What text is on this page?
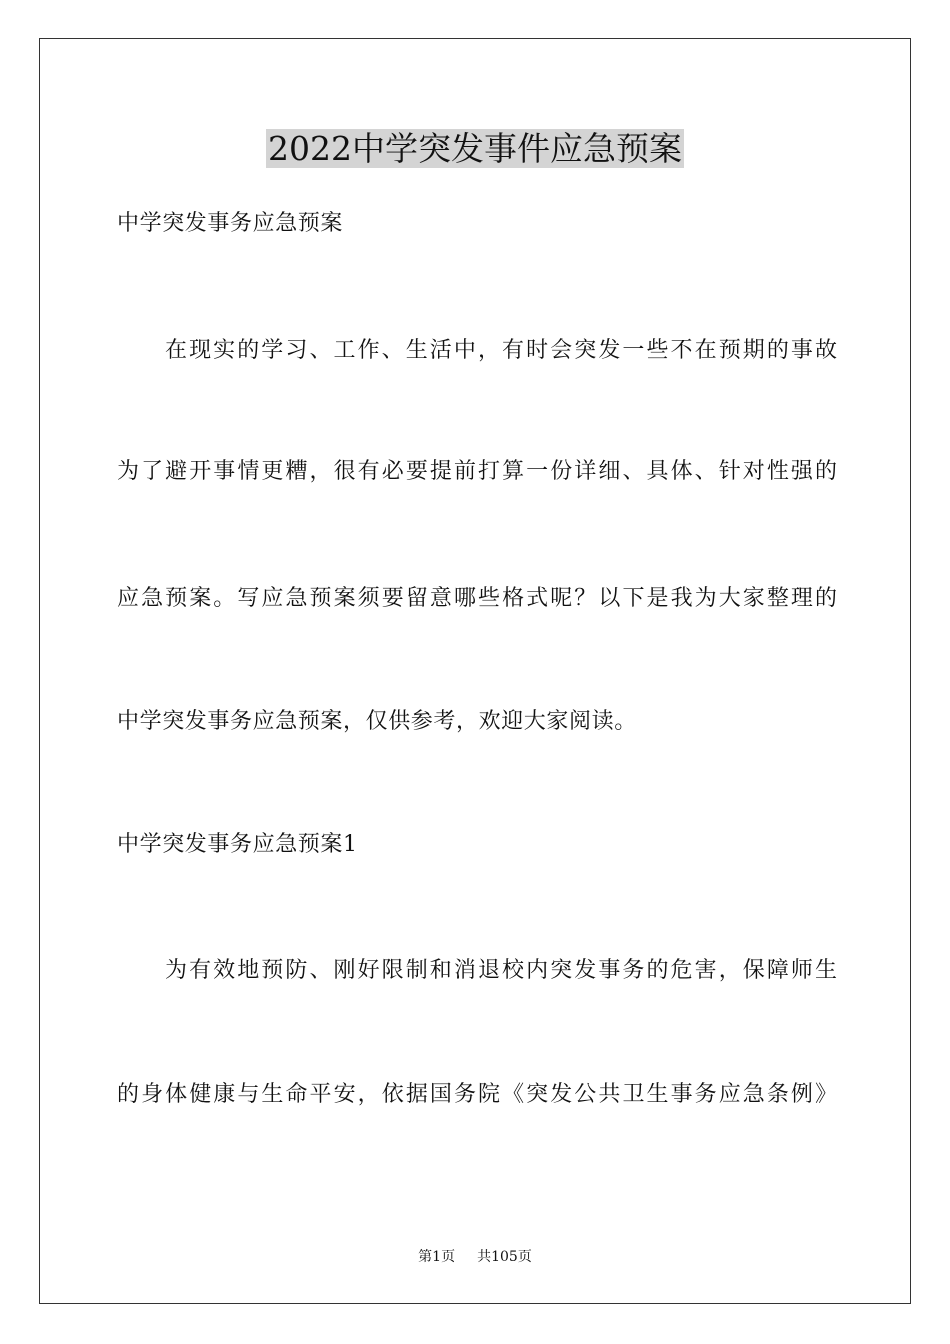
2022中学突发事件应急预案

中学突发事务应急预案

在现实的学习、工作、生活中，有时会突发一些不在预期的事故

为了避开事情更糟，很有必要提前打算一份详细、具体、针对性强的

应急预案。写应急预案须要留意哪些格式呢？以下是我为大家整理的

中学突发事务应急预案，仅供参考，欢迎大家阅读。

中学突发事务应急预案1

为有效地预防、刚好限制和消退校内突发事务的危害，保障师生

的身体健康与生命平安，依据国务院《突发公共卫生事务应急条例》

第1页 共105页
